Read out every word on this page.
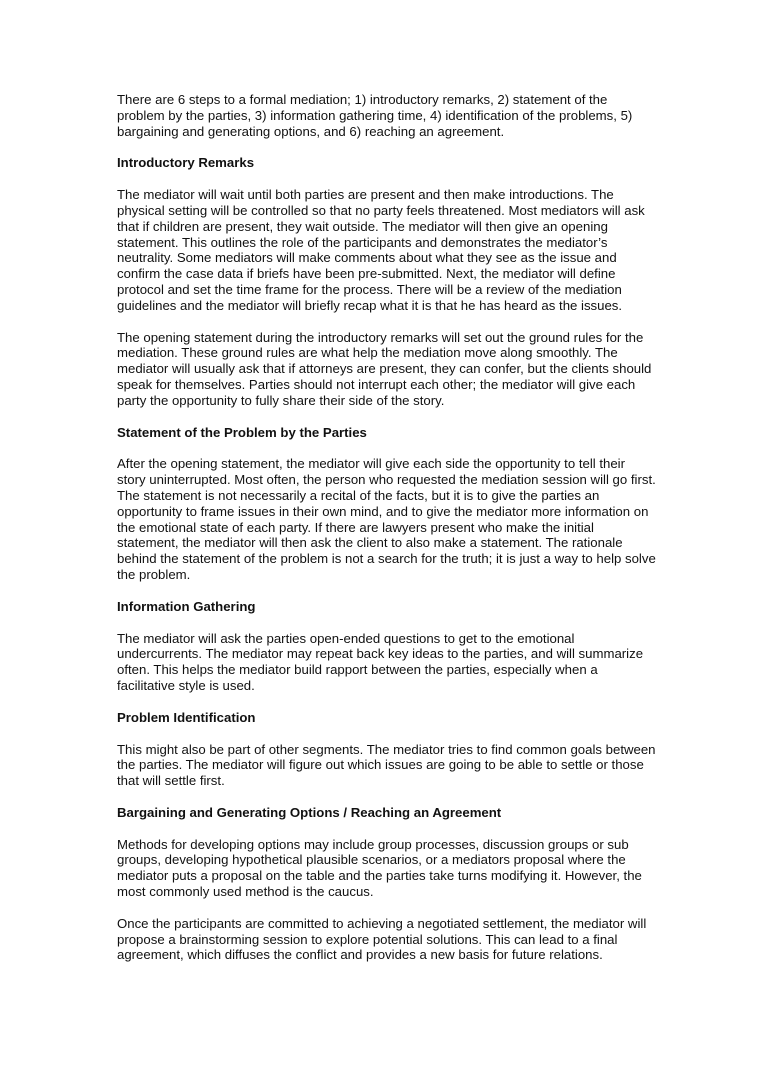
There are 6 steps to a formal mediation; 1) introductory remarks, 2) statement of the problem by the parties, 3) information gathering time, 4) identification of the problems, 5) bargaining and generating options, and 6) reaching an agreement.

Introductory Remarks

The mediator will wait until both parties are present and then make introductions. The physical setting will be controlled so that no party feels threatened. Most mediators will ask that if children are present, they wait outside. The mediator will then give an opening statement. This outlines the role of the participants and demonstrates the mediator’s neutrality. Some mediators will make comments about what they see as the issue and confirm the case data if briefs have been pre-submitted. Next, the mediator will define protocol and set the time frame for the process. There will be a review of the mediation guidelines and the mediator will briefly recap what it is that he has heard as the issues.

The opening statement during the introductory remarks will set out the ground rules for the mediation. These ground rules are what help the mediation move along smoothly. The mediator will usually ask that if attorneys are present, they can confer, but the clients should speak for themselves. Parties should not interrupt each other; the mediator will give each party the opportunity to fully share their side of the story.

Statement of the Problem by the Parties

After the opening statement, the mediator will give each side the opportunity to tell their story uninterrupted. Most often, the person who requested the mediation session will go first. The statement is not necessarily a recital of the facts, but it is to give the parties an opportunity to frame issues in their own mind, and to give the mediator more information on the emotional state of each party. If there are lawyers present who make the initial statement, the mediator will then ask the client to also make a statement. The rationale behind the statement of the problem is not a search for the truth; it is just a way to help solve the problem.

Information Gathering

The mediator will ask the parties open-ended questions to get to the emotional undercurrents. The mediator may repeat back key ideas to the parties, and will summarize often. This helps the mediator build rapport between the parties, especially when a facilitative style is used.

Problem Identification

This might also be part of other segments. The mediator tries to find common goals between the parties. The mediator will figure out which issues are going to be able to settle or those that will settle first.

Bargaining and Generating Options / Reaching an Agreement

Methods for developing options may include group processes, discussion groups or sub groups, developing hypothetical plausible scenarios, or a mediators proposal where the mediator puts a proposal on the table and the parties take turns modifying it. However, the most commonly used method is the caucus.

Once the participants are committed to achieving a negotiated settlement, the mediator will propose a brainstorming session to explore potential solutions. This can lead to a final agreement, which diffuses the conflict and provides a new basis for future relations.
